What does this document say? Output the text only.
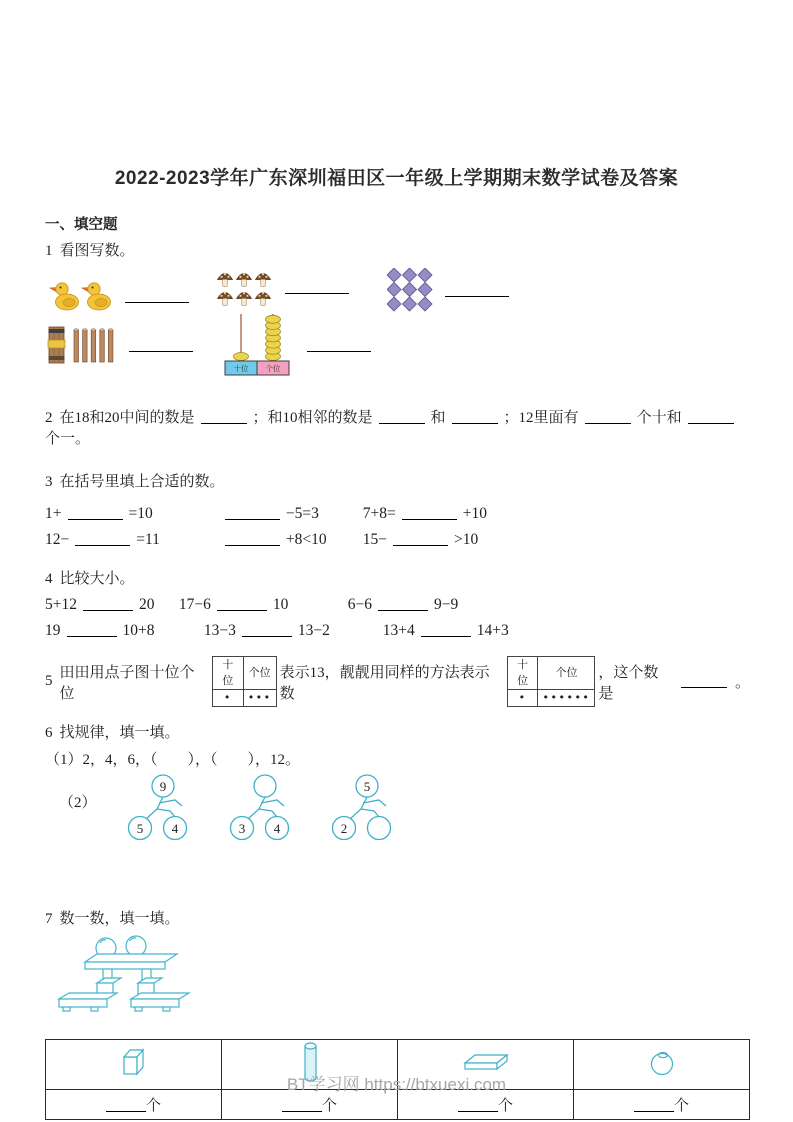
2022-2023学年广东深圳福田区一年级上学期期末数学试卷及答案
一、填空题
1 看图写数。
十位 个位
2 在18和20中间的数是	；和10相邻的数是	和	；12里面有	个十和个一。
3 在括号里填上合适的数。
1+	=10	−5=3	7+8=	+10
12−	=11	+8<10 15−	>10
4 比较大小。
5+12	20 17−6	10	6−6	9−9
19	10+8	13−3	13−2	13+4	14+3
5
田田用点子图十位个位
十位	个位
•	•••
表示13，靓靓用同样的方法表示数
十位	个位
•	••••••
，这个数是
。
6 找规律，填一填。
（1）2，4，6，（　　），（　　），12。
（2）
9
5 4	3 4
5
2
7 数一数，填一填。

个	个	个	个
BT学习网 https://btxuexi.com
